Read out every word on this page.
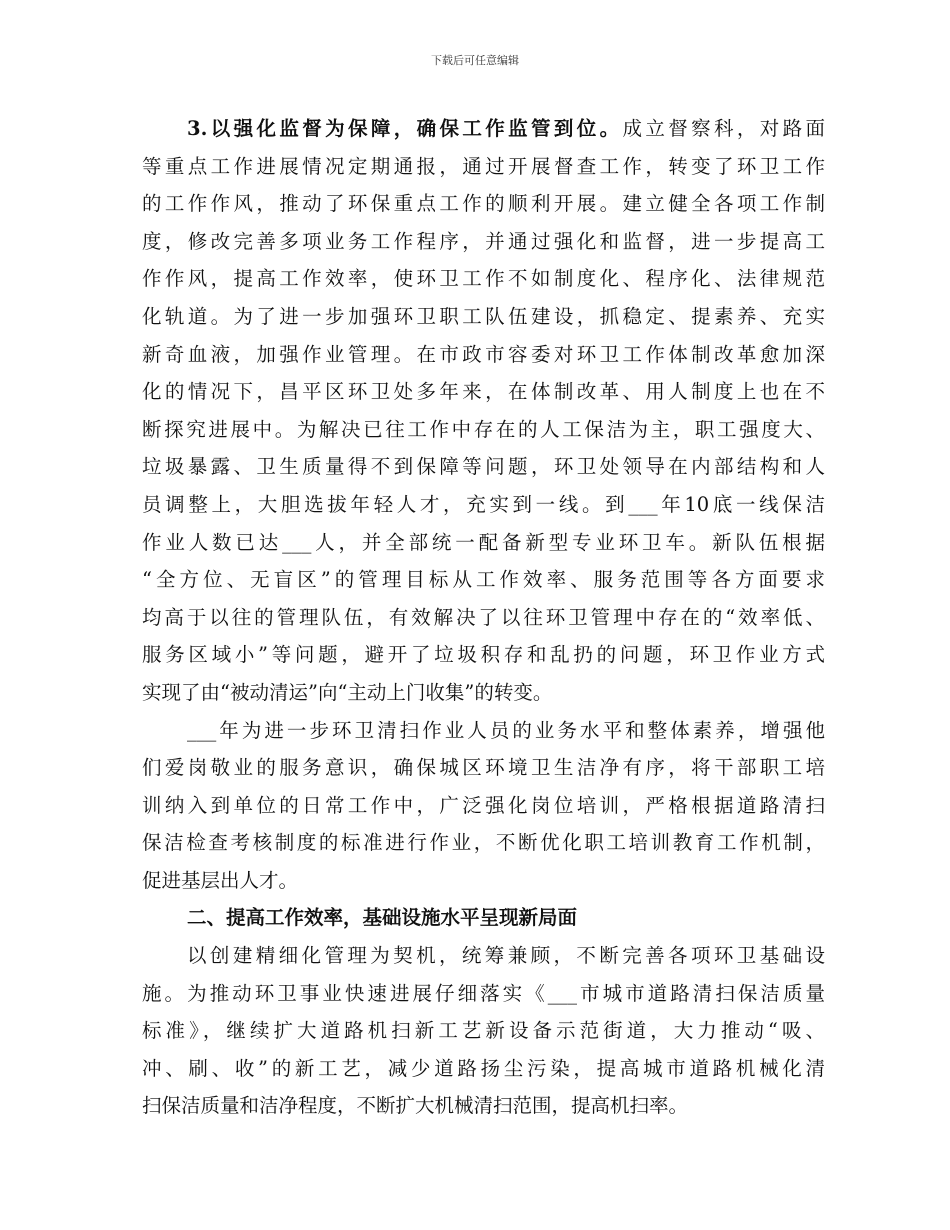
下载后可任意编辑
3.以强化监督为保障，确保工作监管到位。成立督察科，对路面
等重点工作进展情况定期通报，通过开展督查工作，转变了环卫工作
的工作作风，推动了环保重点工作的顺利开展。建立健全各项工作制
度，修改完善多项业务工作程序，并通过强化和监督，进一步提高工
作作风，提高工作效率，使环卫工作不如制度化、程序化、法律规范
化轨道。为了进一步加强环卫职工队伍建设，抓稳定、提素养、充实
新奇血液，加强作业管理。在市政市容委对环卫工作体制改革愈加深
化的情况下，昌平区环卫处多年来，在体制改革、用人制度上也在不
断探究进展中。为解决已往工作中存在的人工保洁为主，职工强度大、
垃圾暴露、卫生质量得不到保障等问题，环卫处领导在内部结构和人
员调整上，大胆选拔年轻人才，充实到一线。到___年10底一线保洁
作业人数已达___人，并全部统一配备新型专业环卫车。新队伍根据
“全方位、无盲区”的管理目标从工作效率、服务范围等各方面要求
均高于以往的管理队伍，有效解决了以往环卫管理中存在的“效率低、
服务区域小”等问题，避开了垃圾积存和乱扔的问题，环卫作业方式
实现了由“被动清运”向“主动上门收集”的转变。
___年为进一步环卫清扫作业人员的业务水平和整体素养，增强他
们爱岗敬业的服务意识，确保城区环境卫生洁净有序，将干部职工培
训纳入到单位的日常工作中，广泛强化岗位培训，严格根据道路清扫
保洁检查考核制度的标准进行作业，不断优化职工培训教育工作机制，
促进基层出人才。
二、提高工作效率，基础设施水平呈现新局面
以创建精细化管理为契机，统筹兼顾，不断完善各项环卫基础设
施。为推动环卫事业快速进展仔细落实《___市城市道路清扫保洁质量
标准》，继续扩大道路机扫新工艺新设备示范街道，大力推动“吸、
冲、刷、收”的新工艺，减少道路扬尘污染，提高城市道路机械化清
扫保洁质量和洁净程度，不断扩大机械清扫范围，提高机扫率。
